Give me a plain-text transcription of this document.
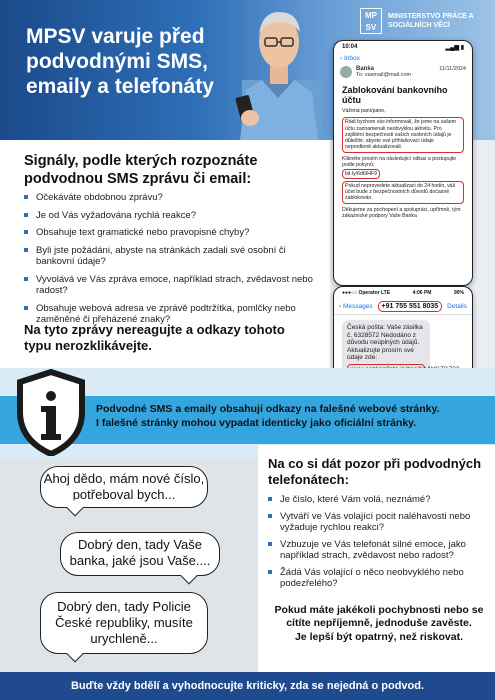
MPSV varuje před podvodnými SMS, emaily a telefonáty
MP SV
MINISTERSTVO PRÁCE A SOCIÁLNÍCH VĚCÍ
Signály, podle kterých rozpoznáte podvodnou SMS zprávu či email:
Očekáváte obdobnou zprávu?
Je od Vás vyžadována rychlá reakce?
Obsahuje text gramatické nebo pravopisné chyby?
Byli jste požádáni, abyste na stránkách zadali své osobní či bankovní údaje?
Vyvolává ve Vás zpráva emoce, například strach, zvědavost nebo radost?
Obsahuje webová adresa ve zprávě podtržítka, pomlčky nebo zaměněné či přeházené znaky?
Na tyto zprávy nereagujte a odkazy tohoto typu nerozklikávejte.
10:04	▂▄▆ ▮
‹ Inbox
Banka
To: vasmail@mail.com
11/11/2024
Zablokování bankovního účtu

Vážená paní/pane,

Rádi bychom vás informovali, že jsme na vašem účtu zaznamenali neobvyklou aktivitu. Pro zajištění bezpečnosti vašich osobních údajů je důležité, abyste své přihlašovací údaje neprodleně aktualizovali.

Klikněte prosím na následující odkaz a postupujte podle pokynů:

bit.ly/6d6IHF9

Pokud neprovedete aktualizaci do 24 hodin, váš účet bude z bezpečnostních důvodů dočasně zablokován.

Děkujeme za pochopení a spolupráci, upřímně, tým zákaznické podpory Vaše Banka

●●●○○ Operator LTE	4:06 PM	90%
‹ Messages	+91 755 551 8035	Details
Česká pošta: Vaše zásilka č. 6328572 Nedodáno z důvodu neúplných údajů. Aktualizujte prosím své údaje zde:
Podvodné SMS a emaily obsahují odkazy na falešné webové stránky.
I falešné stránky mohou vypadat identicky jako oficiální stránky.
Ahoj dědo, mám nové číslo, potřeboval bych...
Dobrý den, tady Vaše banka, jaké jsou Vaše....
Dobrý den, tady Policie České republiky, musíte urychleně...
Na co si dát pozor při podvodných telefonátech:
Je číslo, které Vám volá, neznámé?
Vytváří ve Vás volající pocit naléhavosti nebo vyžaduje rychlou reakci?
Vzbuzuje ve Vás telefonát silné emoce, jako například strach, zvědavost nebo radost?
Žádá Vás volající o něco neobvyklého nebo podezřelého?
Pokud máte jakékoli pochybnosti nebo se cítíte nepříjemně, jednoduše zavěste.
Je lepší být opatrný, než riskovat.
Buďte vždy bdělí a vyhodnocujte kriticky, zda se nejedná o podvod.
